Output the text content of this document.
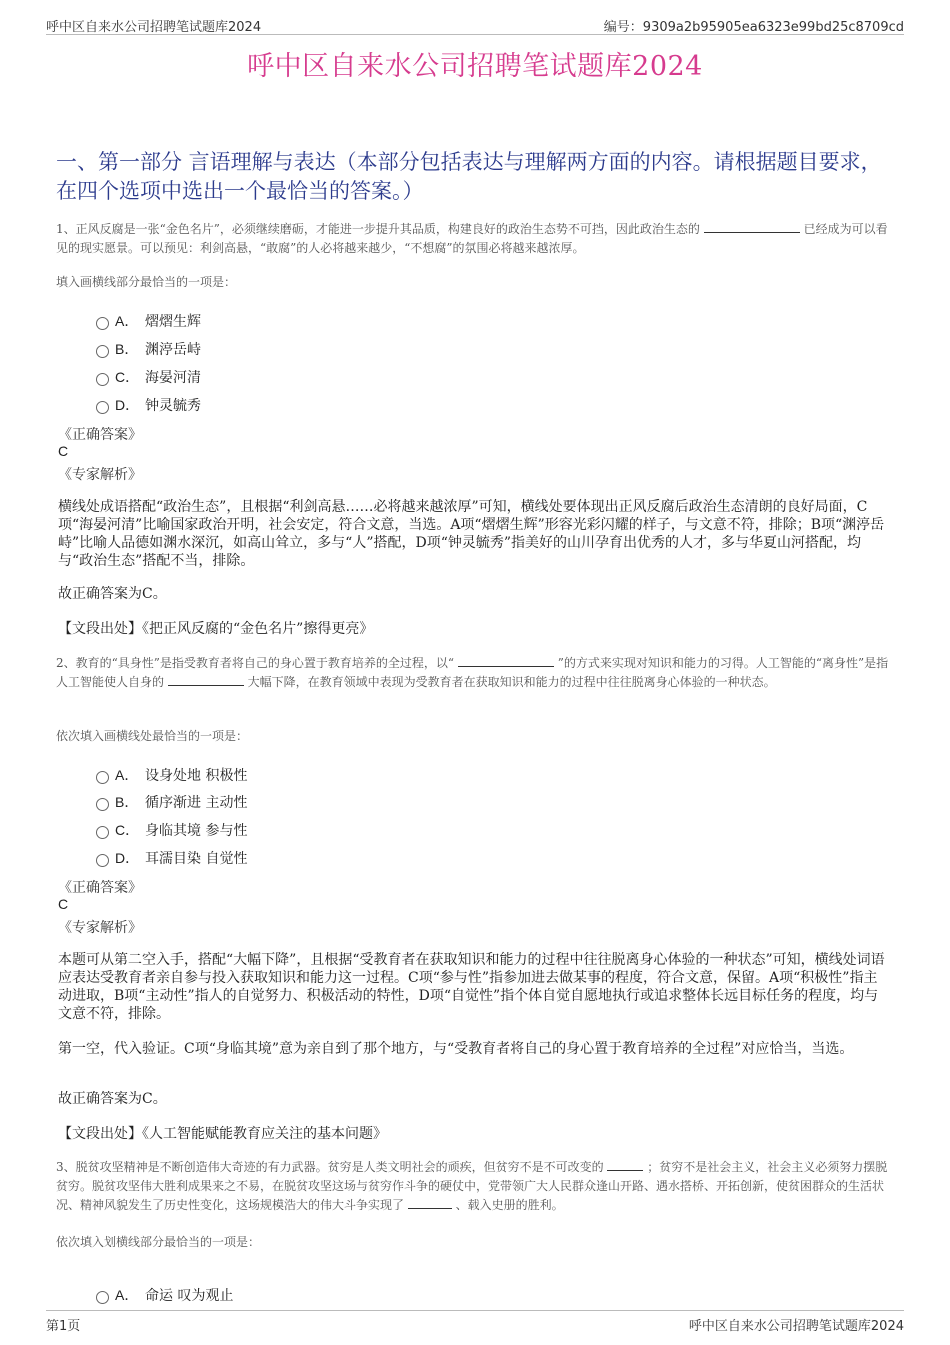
呼中区自来水公司招聘笔试题库2024	编号：9309a2b95905ea6323e99bd25c8709cd
呼中区自来水公司招聘笔试题库2024
一、第一部分 言语理解与表达（本部分包括表达与理解两方面的内容。请根据题目要求，在四个选项中选出一个最恰当的答案。）
1、正风反腐是一张“金色名片”，必须继续磨砺，才能进一步提升其品质，构建良好的政治生态势不可挡，因此政治生态的	已经成为可以看见的现实愿景。可以预见：利剑高悬，“敢腐”的人必将越来越少，“不想腐”的氛围必将越来越浓厚。
填入画横线部分最恰当的一项是：
A． 熠熠生辉
B． 渊渟岳峙
C． 海晏河清
D． 钟灵毓秀
《正确答案》
C
《专家解析》
横线处成语搭配“政治生态”，且根据“利剑高悬……必将越来越浓厚”可知，横线处要体现出正风反腐后政治生态清朗的良好局面，C项“海晏河清”比喻国家政治开明，社会安定，符合文意，当选。A项“熠熠生辉”形容光彩闪耀的样子，与文意不符，排除；B项“渊渟岳峙”比喻人品德如渊水深沉，如高山耸立，多与“人”搭配，D项“钟灵毓秀”指美好的山川孕育出优秀的人才，多与华夏山河搭配，均与“政治生态”搭配不当，排除。
故正确答案为C。
【文段出处】《把正风反腐的“金色名片”擦得更亮》
2、教育的“具身性”是指受教育者将自己的身心置于教育培养的全过程，以“	”的方式来实现对知识和能力的习得。人工智能的“离身性”是指人工智能使人自身的	大幅下降，在教育领域中表现为受教育者在获取知识和能力的过程中往往脱离身心体验的一种状态。
依次填入画横线处最恰当的一项是：
A． 设身处地 积极性
B． 循序渐进 主动性
C． 身临其境 参与性
D． 耳濡目染 自觉性
《正确答案》
C
《专家解析》
本题可从第二空入手，搭配“大幅下降”，且根据“受教育者在获取知识和能力的过程中往往脱离身心体验的一种状态”可知，横线处词语应表达受教育者亲自参与投入获取知识和能力这一过程。C项“参与性”指参加进去做某事的程度，符合文意，保留。A项“积极性”指主动进取，B项“主动性”指人的自觉努力、积极活动的特性，D项“自觉性”指个体自觉自愿地执行或追求整体长远目标任务的程度，均与文意不符，排除。
第一空，代入验证。C项“身临其境”意为亲自到了那个地方，与“受教育者将自己的身心置于教育培养的全过程”对应恰当，当选。
故正确答案为C。
【文段出处】《人工智能赋能教育应关注的基本问题》
3、脱贫攻坚精神是不断创造伟大奇迹的有力武器。贫穷是人类文明社会的顽疾，但贫穷不是不可改变的	；贫穷不是社会主义，社会主义必须努力摆脱贫穷。脱贫攻坚伟大胜利成果来之不易，在脱贫攻坚这场与贫穷作斗争的硬仗中，党带领广大人民群众逢山开路、遇水搭桥、开拓创新，使贫困群众的生活状况、精神风貌发生了历史性变化，这场规模浩大的伟大斗争实现了	、载入史册的胜利。
依次填入划横线部分最恰当的一项是：
A． 命运 叹为观止
第1页	呼中区自来水公司招聘笔试题库2024
